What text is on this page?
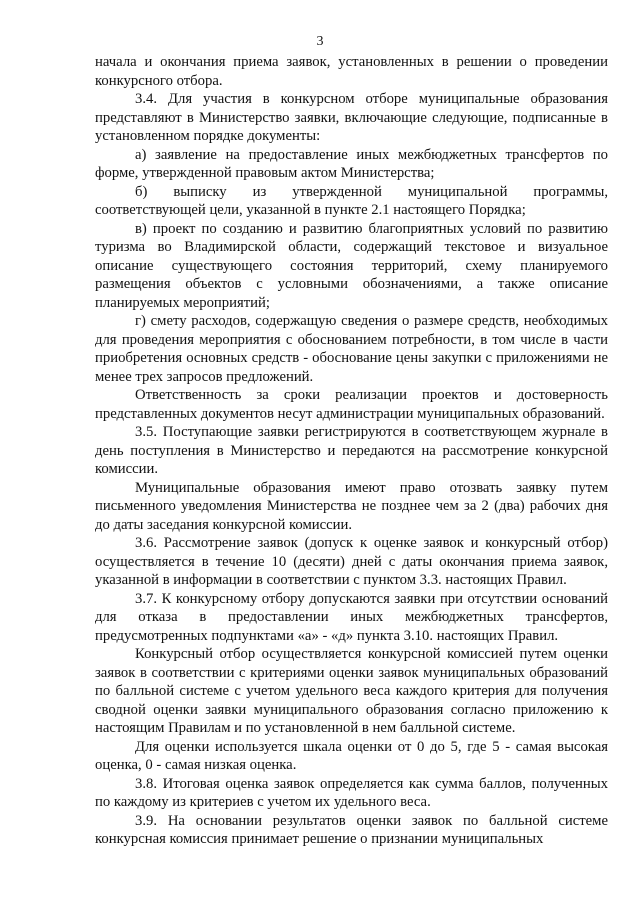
3

начала и окончания приема заявок, установленных в решении о проведении конкурсного отбора.

3.4. Для участия в конкурсном отборе муниципальные образования представляют в Министерство заявки, включающие следующие, подписанные в установленном порядке документы:

а) заявление на предоставление иных межбюджетных трансфертов по форме, утвержденной правовым актом Министерства;

б) выписку из утвержденной муниципальной программы, соответствующей цели, указанной в пункте 2.1 настоящего Порядка;

в) проект по созданию и развитию благоприятных условий по развитию туризма во Владимирской области, содержащий текстовое и визуальное описание существующего состояния территорий, схему планируемого размещения объектов с условными обозначениями, а также описание планируемых мероприятий;

г) смету расходов, содержащую сведения о размере средств, необходимых для проведения мероприятия с обоснованием потребности, в том числе в части приобретения основных средств - обоснование цены закупки с приложениями не менее трех запросов предложений.

Ответственность за сроки реализации проектов и достоверность представленных документов несут администрации муниципальных образований.

3.5. Поступающие заявки регистрируются в соответствующем журнале в день поступления в Министерство и передаются на рассмотрение конкурсной комиссии.

Муниципальные образования имеют право отозвать заявку путем письменного уведомления Министерства не позднее чем за 2 (два) рабочих дня до даты заседания конкурсной комиссии.

3.6. Рассмотрение заявок (допуск к оценке заявок и конкурсный отбор) осуществляется в течение 10 (десяти) дней с даты окончания приема заявок, указанной в информации в соответствии с пунктом 3.3. настоящих Правил.

3.7. К конкурсному отбору допускаются заявки при отсутствии оснований для отказа в предоставлении иных межбюджетных трансфертов, предусмотренных подпунктами «а» - «д» пункта 3.10. настоящих Правил.

Конкурсный отбор осуществляется конкурсной комиссией путем оценки заявок в соответствии с критериями оценки заявок муниципальных образований по балльной системе с учетом удельного веса каждого критерия для получения сводной оценки заявки муниципального образования согласно приложению к настоящим Правилам и по установленной в нем балльной системе.

Для оценки используется шкала оценки от 0 до 5, где 5 - самая высокая оценка, 0 - самая низкая оценка.

3.8. Итоговая оценка заявок определяется как сумма баллов, полученных по каждому из критериев с учетом их удельного веса.

3.9. На основании результатов оценки заявок по балльной системе конкурсная комиссия принимает решение о признании муниципальных
